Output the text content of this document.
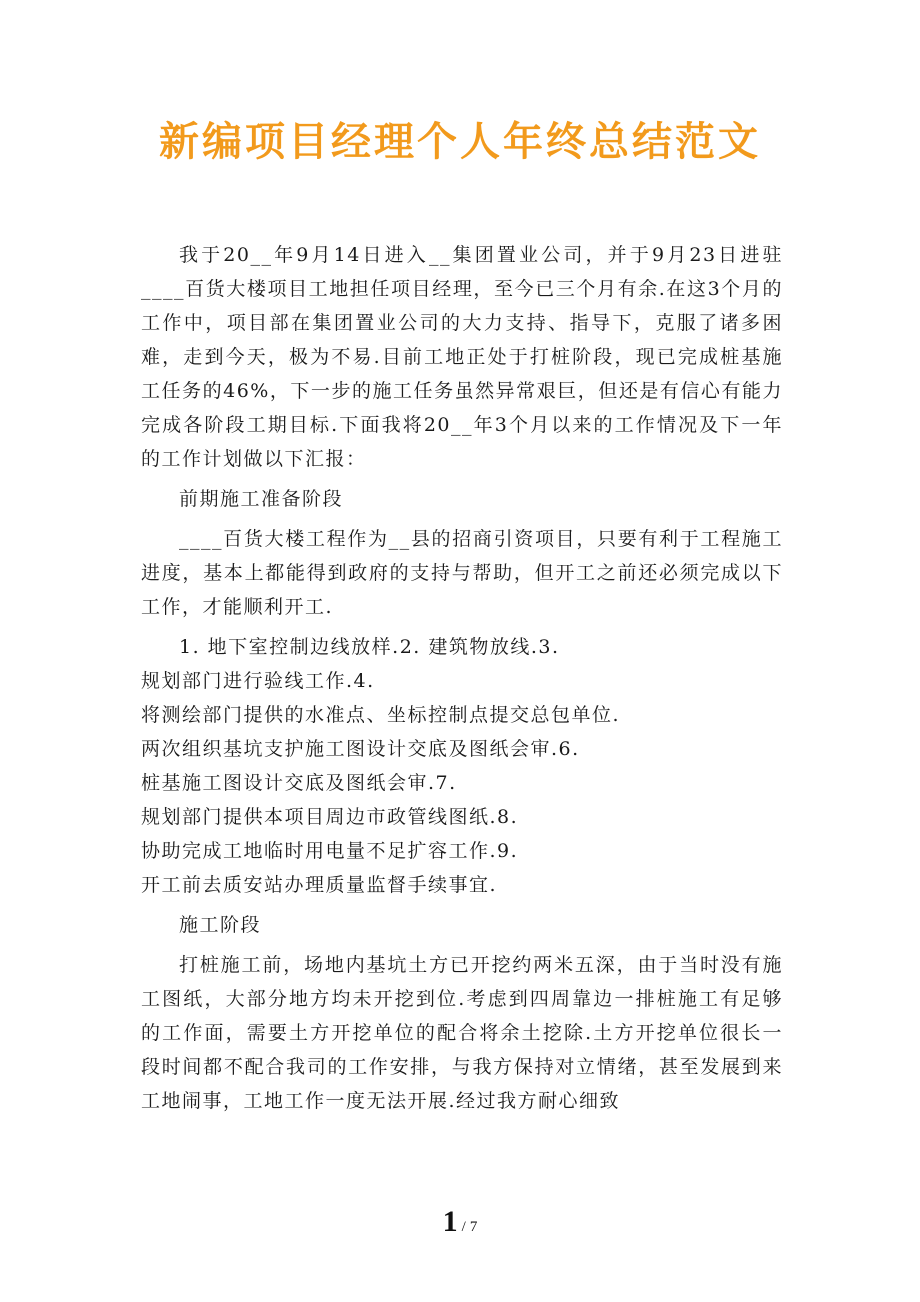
新编项目经理个人年终总结范文

我于20__年9月14日进入__集团置业公司，并于9月23日进驻____百货大楼项目工地担任项目经理，至今已三个月有余.在这3个月的工作中，项目部在集团置业公司的大力支持、指导下，克服了诸多困难，走到今天，极为不易.目前工地正处于打桩阶段，现已完成桩基施工任务的46%，下一步的施工任务虽然异常艰巨，但还是有信心有能力完成各阶段工期目标.下面我将20__年3个月以来的工作情况及下一年的工作计划做以下汇报：

前期施工准备阶段

____百货大楼工程作为__县的招商引资项目，只要有利于工程施工进度，基本上都能得到政府的支持与帮助，但开工之前还必须完成以下工作，才能顺利开工.

1. 地下室控制边线放样.2. 建筑物放线.3.
规划部门进行验线工作.4.
将测绘部门提供的水准点、坐标控制点提交总包单位.
两次组织基坑支护施工图设计交底及图纸会审.6.
桩基施工图设计交底及图纸会审.7.
规划部门提供本项目周边市政管线图纸.8.
协助完成工地临时用电量不足扩容工作.9.
开工前去质安站办理质量监督手续事宜.

施工阶段

打桩施工前，场地内基坑土方已开挖约两米五深，由于当时没有施工图纸，大部分地方均未开挖到位.考虑到四周靠边一排桩施工有足够的工作面，需要土方开挖单位的配合将余土挖除.土方开挖单位很长一段时间都不配合我司的工作安排，与我方保持对立情绪，甚至发展到来工地闹事，工地工作一度无法开展.经过我方耐心细致

1 / 7
